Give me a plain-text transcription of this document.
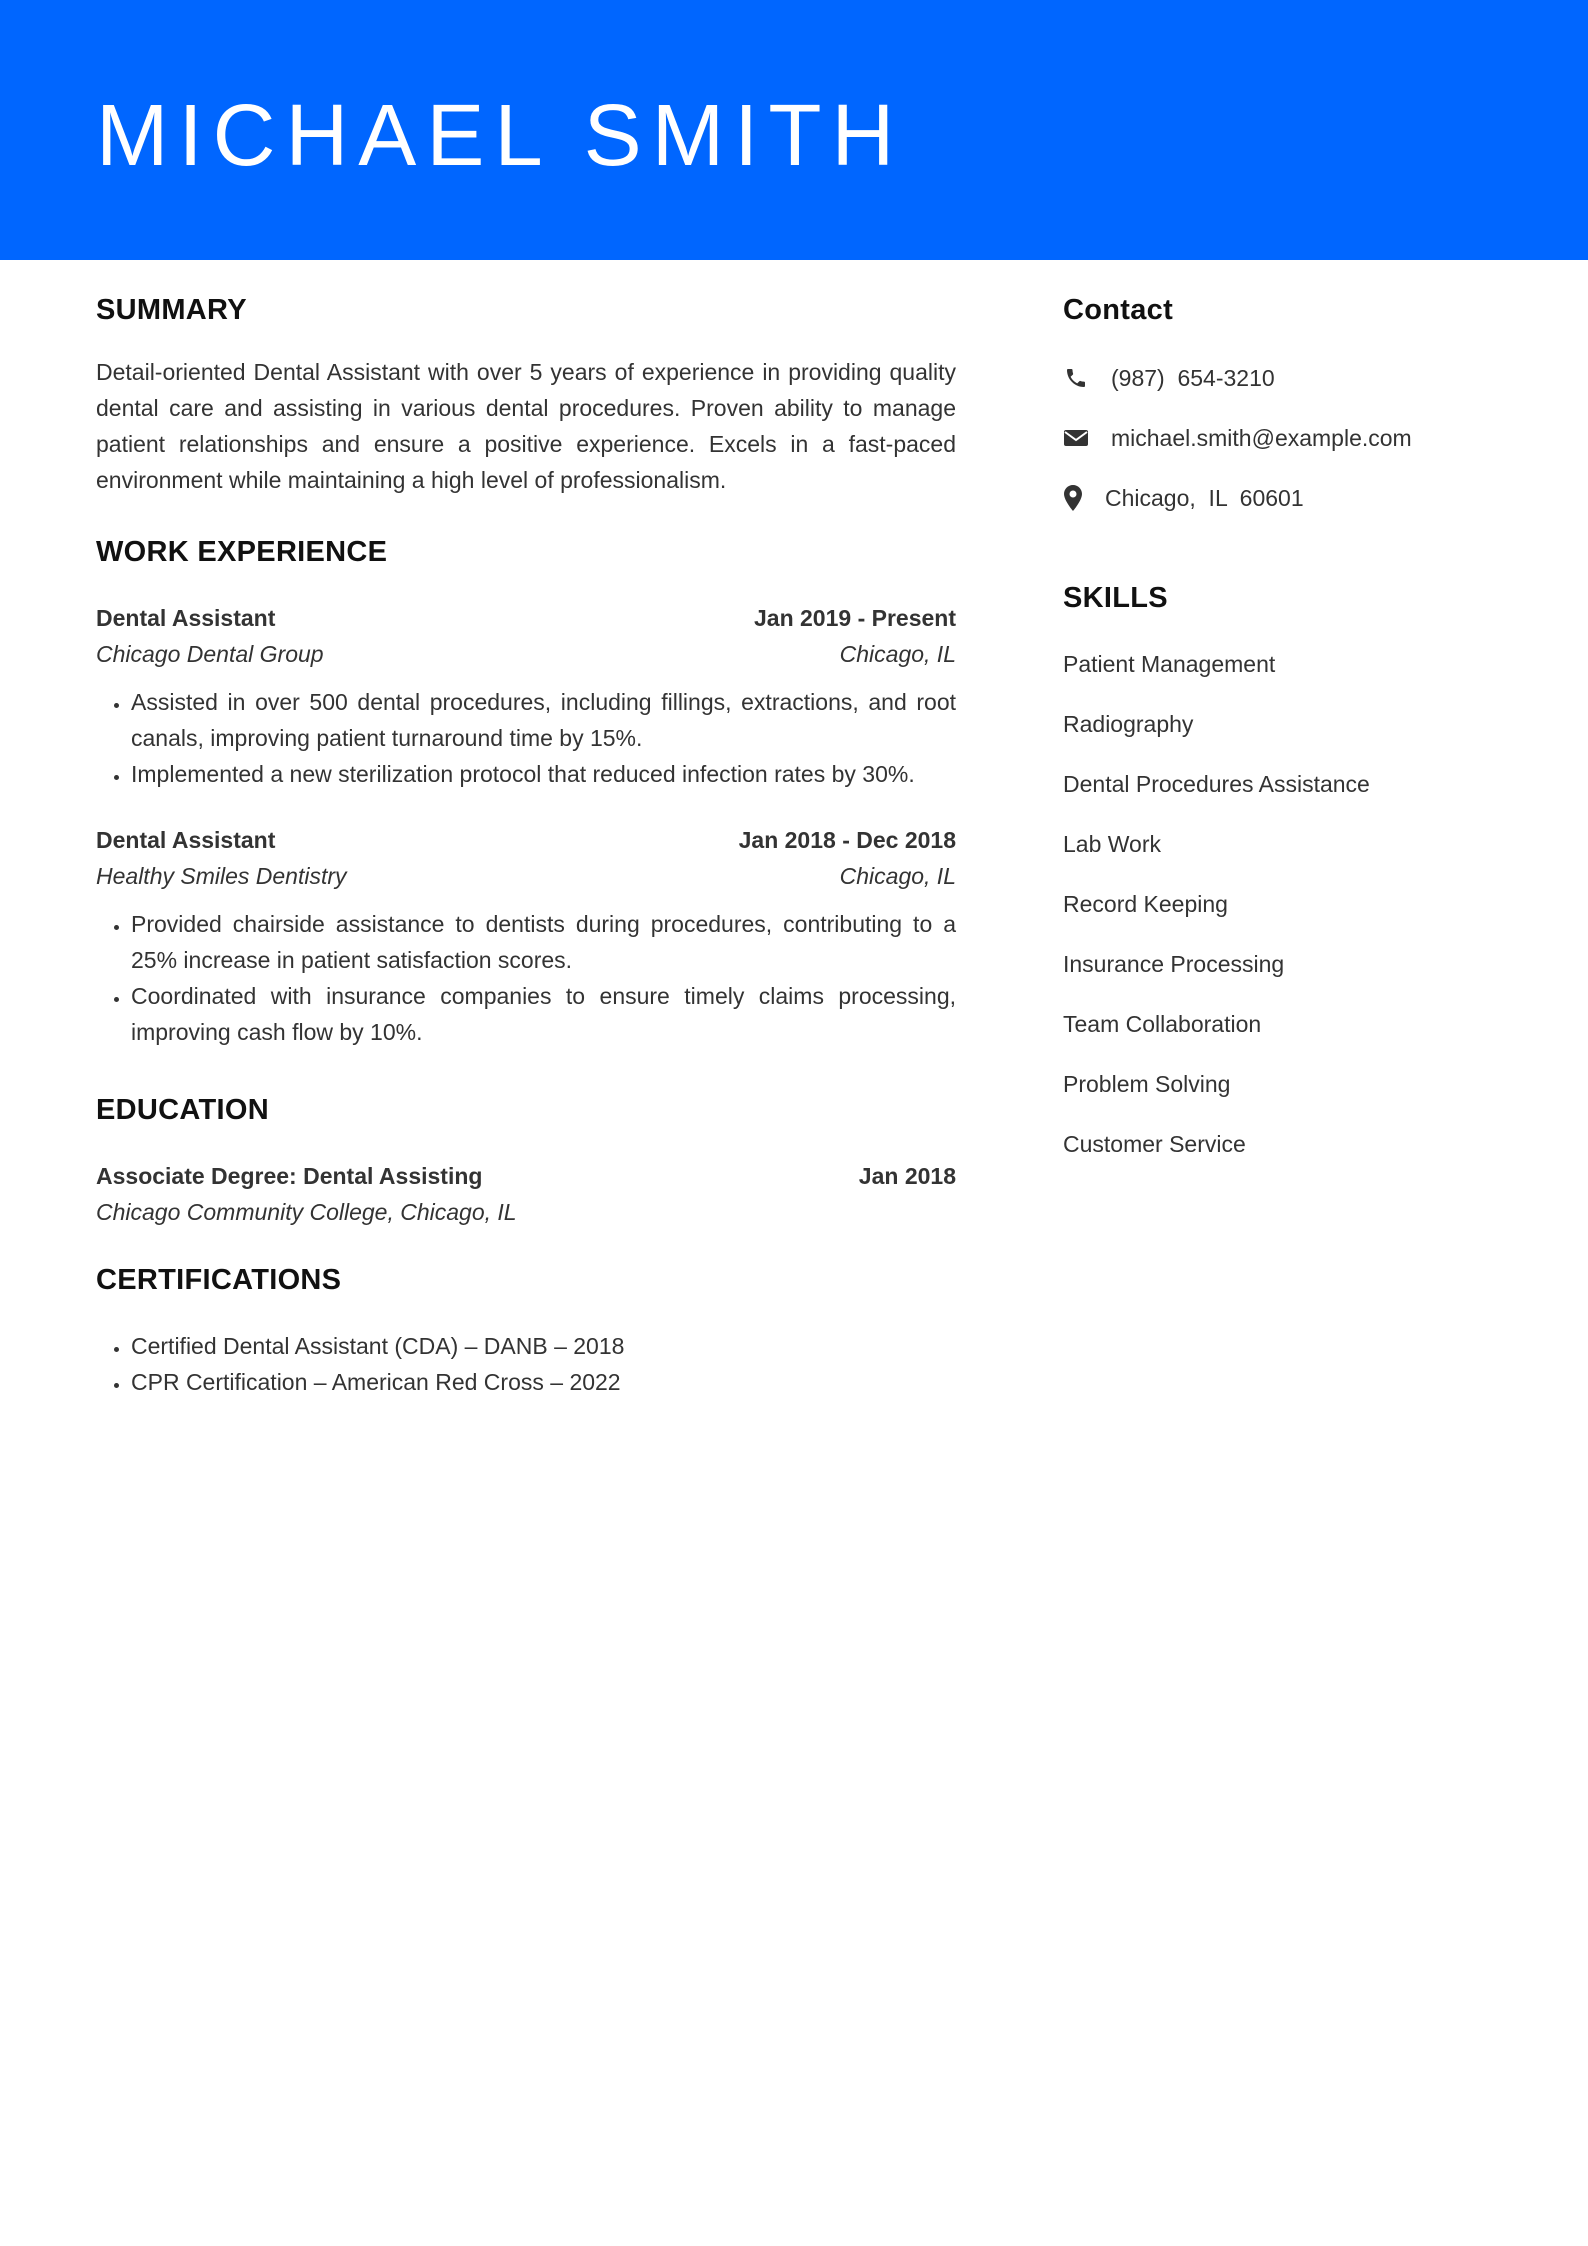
MICHAEL SMITH
SUMMARY

Detail-oriented Dental Assistant with over 5 years of experience in providing quality dental care and assisting in various dental procedures. Proven ability to manage patient relationships and ensure a positive experience. Excels in a fast-paced environment while maintaining a high level of professionalism.

WORK EXPERIENCE
Dental Assistant	Jan 2019 - Present
Chicago Dental Group	Chicago, IL
• Assisted in over 500 dental procedures, including fillings, extractions, and root canals, improving patient turnaround time by 15%.
• Implemented a new sterilization protocol that reduced infection rates by 30%.
Dental Assistant	Jan 2018 - Dec 2018
Healthy Smiles Dentistry	Chicago, IL
• Provided chairside assistance to dentists during procedures, contributing to a 25% increase in patient satisfaction scores.
• Coordinated with insurance companies to ensure timely claims processing, improving cash flow by 10%.
EDUCATION
Associate Degree: Dental Assisting	Jan 2018
Chicago Community College, Chicago, IL
CERTIFICATIONS
• Certified Dental Assistant (CDA) – DANB – 2018
• CPR Certification – American Red Cross – 2022
Contact
(987)  654-3210
michael.smith@example.com
Chicago,  IL  60601
SKILLS
Patient Management
Radiography
Dental Procedures Assistance
Lab Work
Record Keeping
Insurance Processing
Team Collaboration
Problem Solving
Customer Service
